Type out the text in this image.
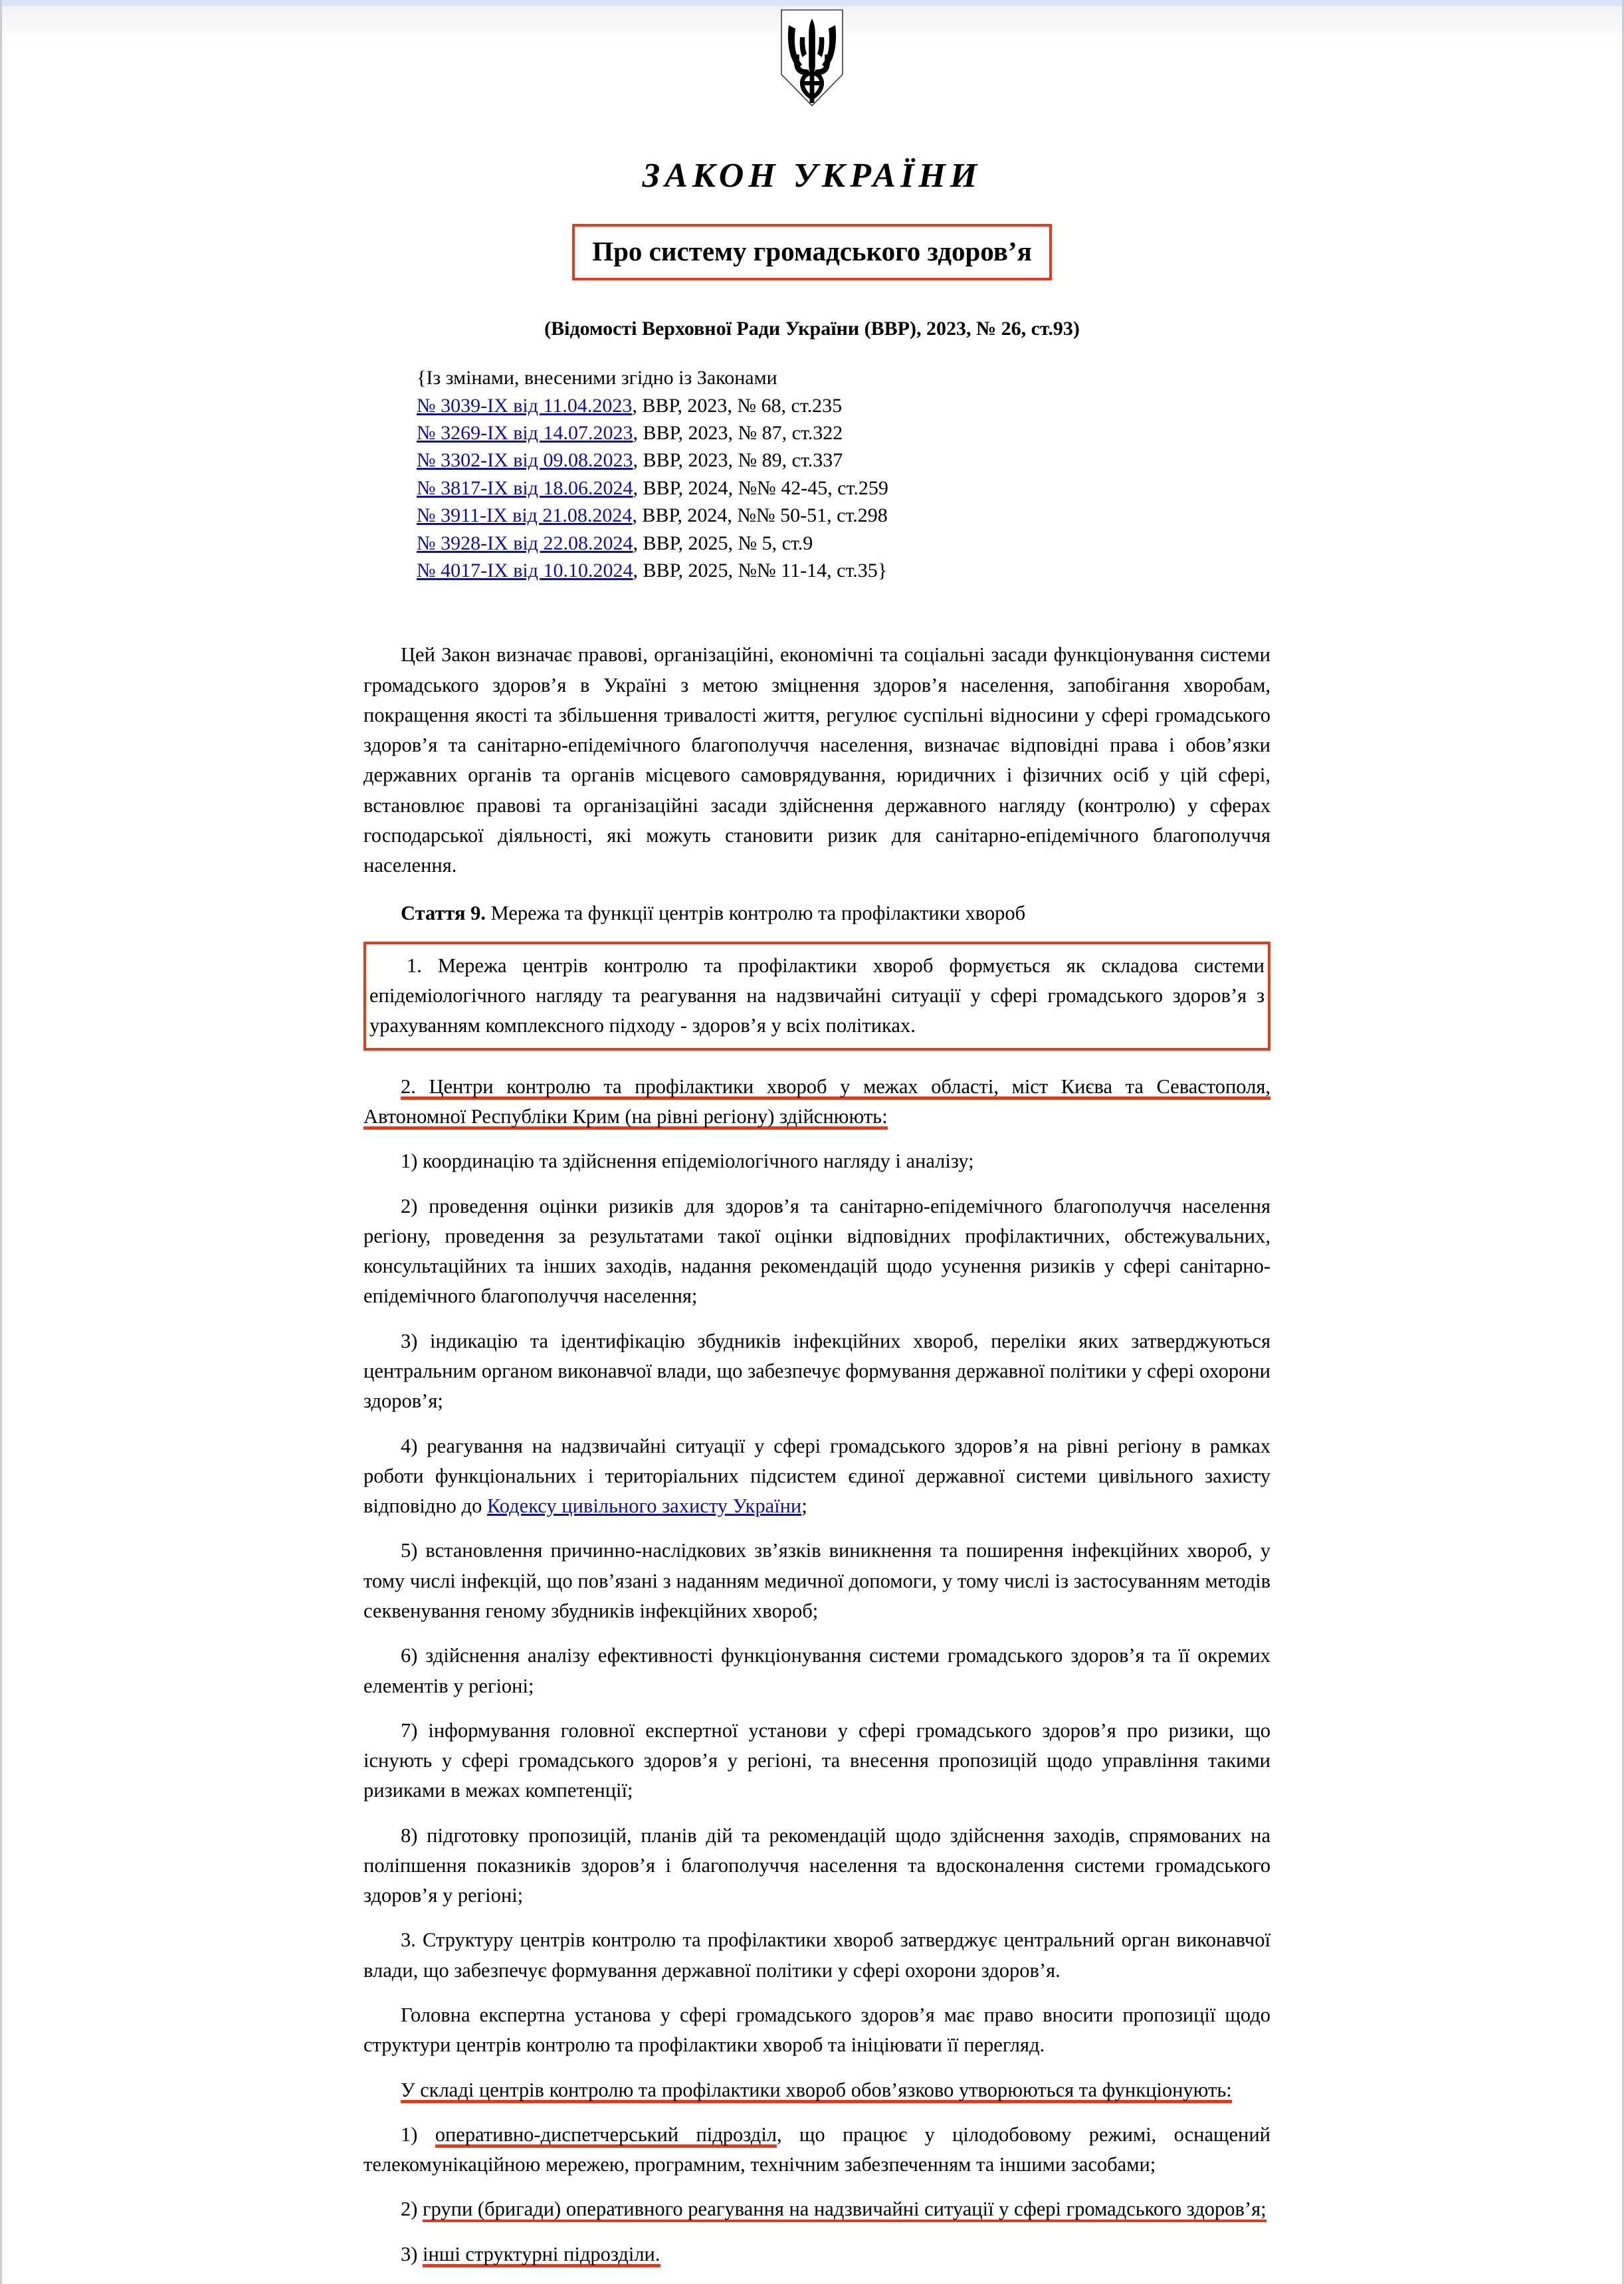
ЗАКОН УКРАЇНИ
Про систему громадського здоров’я
(Відомості Верховної Ради України (ВВР), 2023, № 26, ст.93)
{Із змінами, внесеними згідно із Законами
№ 3039-IX від 11.04.2023, ВВР, 2023, № 68, ст.235
№ 3269-IX від 14.07.2023, ВВР, 2023, № 87, ст.322
№ 3302-IX від 09.08.2023, ВВР, 2023, № 89, ст.337
№ 3817-IX від 18.06.2024, ВВР, 2024, №№ 42-45, ст.259
№ 3911-IX від 21.08.2024, ВВР, 2024, №№ 50-51, ст.298
№ 3928-IX від 22.08.2024, ВВР, 2025, № 5, ст.9
№ 4017-IX від 10.10.2024, ВВР, 2025, №№ 11-14, ст.35}

Цей Закон визначає правові, організаційні, економічні та соціальні засади функціонування системи громадського здоров’я в Україні з метою зміцнення здоров’я населення, запобігання хворобам, покращення якості та збільшення тривалості життя, регулює суспільні відносини у сфері громадського здоров’я та санітарно-епідемічного благополуччя населення, визначає відповідні права і обов’язки державних органів та органів місцевого самоврядування, юридичних і фізичних осіб у цій сфері, встановлює правові та організаційні засади здійснення державного нагляду (контролю) у сферах господарської діяльності, які можуть становити ризик для санітарно-епідемічного благополуччя населення.

Стаття 9. Мережа та функції центрів контролю та профілактики хвороб

1. Мережа центрів контролю та профілактики хвороб формується як складова системи епідеміологічного нагляду та реагування на надзвичайні ситуації у сфері громадського здоров’я з урахуванням комплексного підходу - здоров’я у всіх політиках.

2. Центри контролю та профілактики хвороб у межах області, міст Києва та Севастополя, Автономної Республіки Крим (на рівні регіону) здійснюють:

1) координацію та здійснення епідеміологічного нагляду і аналізу;

2) проведення оцінки ризиків для здоров’я та санітарно-епідемічного благополуччя населення регіону, проведення за результатами такої оцінки відповідних профілактичних, обстежувальних, консультаційних та інших заходів, надання рекомендацій щодо усунення ризиків у сфері санітарно-епідемічного благополуччя населення;

3) індикацію та ідентифікацію збудників інфекційних хвороб, переліки яких затверджуються центральним органом виконавчої влади, що забезпечує формування державної політики у сфері охорони здоров’я;

4) реагування на надзвичайні ситуації у сфері громадського здоров’я на рівні регіону в рамках роботи функціональних і територіальних підсистем єдиної державної системи цивільного захисту відповідно до Кодексу цивільного захисту України;

5) встановлення причинно-наслідкових зв’язків виникнення та поширення інфекційних хвороб, у тому числі інфекцій, що пов’язані з наданням медичної допомоги, у тому числі із застосуванням методів секвенування геному збудників інфекційних хвороб;

6) здійснення аналізу ефективності функціонування системи громадського здоров’я та її окремих елементів у регіоні;

7) інформування головної експертної установи у сфері громадського здоров’я про ризики, що існують у сфері громадського здоров’я у регіоні, та внесення пропозицій щодо управління такими ризиками в межах компетенції;

8) підготовку пропозицій, планів дій та рекомендацій щодо здійснення заходів, спрямованих на поліпшення показників здоров’я і благополуччя населення та вдосконалення системи громадського здоров’я у регіоні;

3. Структуру центрів контролю та профілактики хвороб затверджує центральний орган виконавчої влади, що забезпечує формування державної політики у сфері охорони здоров’я.

Головна експертна установа у сфері громадського здоров’я має право вносити пропозиції щодо структури центрів контролю та профілактики хвороб та ініціювати її перегляд.

У складі центрів контролю та профілактики хвороб обов’язково утворюються та функціонують:

1) оперативно-диспетчерський підрозділ, що працює у цілодобовому режимі, оснащений телекомунікаційною мережею, програмним, технічним забезпеченням та іншими засобами;

2) групи (бригади) оперативного реагування на надзвичайні ситуації у сфері громадського здоров’я;

3) інші структурні підрозділи.
